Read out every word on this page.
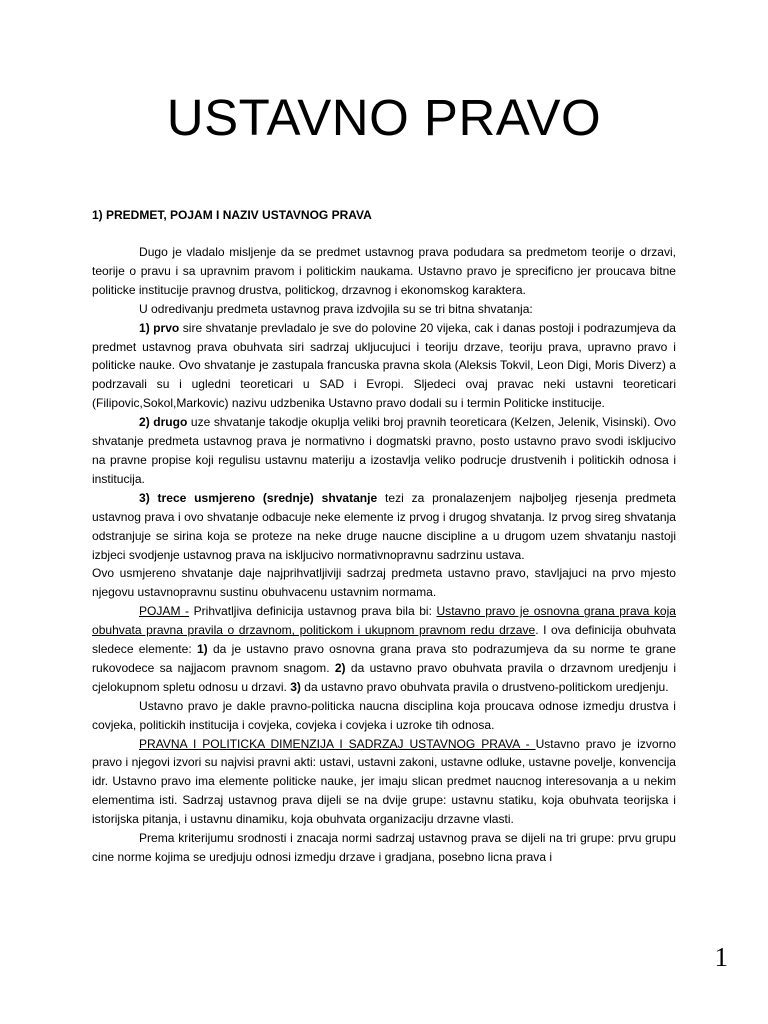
USTAVNO PRAVO
1) PREDMET, POJAM I NAZIV USTAVNOG PRAVA

Dugo je vladalo misljenje da se predmet ustavnog prava podudara sa predmetom teorije o drzavi, teorije o pravu i sa upravnim pravom i politickim naukama. Ustavno pravo je sprecificno jer proucava bitne politicke institucije pravnog drustva, politickog, drzavnog i ekonomskog karaktera.

U odredivanju predmeta ustavnog prava izdvojila su se tri bitna shvatanja:

1) prvo sire shvatanje prevladalo je sve do polovine 20 vijeka, cak i danas postoji i podrazumjeva da predmet ustavnog prava obuhvata siri sadrzaj ukljucujuci i teoriju drzave, teoriju prava, upravno pravo i politicke nauke. Ovo shvatanje je zastupala francuska pravna skola (Aleksis Tokvil, Leon Digi, Moris Diverz) a podrzavali su i ugledni teoreticari u SAD i Evropi. Sljedeci ovaj pravac neki ustavni teoreticari (Filipovic,Sokol,Markovic) nazivu udzbenika Ustavno pravo dodali su i termin Politicke institucije.

2) drugo uze shvatanje takodje okuplja veliki broj pravnih teoreticara (Kelzen, Jelenik, Visinski). Ovo shvatanje predmeta ustavnog prava je normativno i dogmatski pravno, posto ustavno pravo svodi iskljucivo na pravne propise koji regulisu ustavnu materiju a izostavlja veliko podrucje drustvenih i politickih odnosa i institucija.

3) trece usmjereno (srednje) shvatanje tezi za pronalazenjem najboljeg rjesenja predmeta ustavnog prava i ovo shvatanje odbacuje neke elemente iz prvog i drugog shvatanja. Iz prvog sireg shvatanja odstranjuje se sirina koja se proteze na neke druge naucne discipline a u drugom uzem shvatanju nastoji izbjeci svodjenje ustavnog prava na iskljucivo normativnopravnu sadrzinu ustava.

Ovo usmjereno shvatanje daje najprihvatljiviji sadrzaj predmeta ustavno pravo, stavljajuci na prvo mjesto njegovu ustavnopravnu sustinu obuhvacenu ustavnim normama.

POJAM - Prihvatljiva definicija ustavnog prava bila bi: Ustavno pravo je osnovna grana prava koja obuhvata pravna pravila o drzavnom, politickom i ukupnom pravnom redu drzave. I ova definicija obuhvata sledece elemente: 1) da je ustavno pravo osnovna grana prava sto podrazumjeva da su norme te grane rukovodece sa najjacom pravnom snagom. 2) da ustavno pravo obuhvata pravila o drzavnom uredjenju i cjelokupnom spletu odnosu u drzavi. 3) da ustavno pravo obuhvata pravila o drustveno-politickom uredjenju.

Ustavno pravo je dakle pravno-politicka naucna disciplina koja proucava odnose izmedju drustva i covjeka, politickih institucija i covjeka, covjeka i covjeka i uzroke tih odnosa.

PRAVNA I POLITICKA DIMENZIJA I SADRZAJ USTAVNOG PRAVA - Ustavno pravo je izvorno pravo i njegovi izvori su najvisi pravni akti: ustavi, ustavni zakoni, ustavne odluke, ustavne povelje, konvencija idr. Ustavno pravo ima elemente politicke nauke, jer imaju slican predmet naucnog interesovanja a u nekim elementima isti. Sadrzaj ustavnog prava dijeli se na dvije grupe: ustavnu statiku, koja obuhvata teorijska i istorijska pitanja, i ustavnu dinamiku, koja obuhvata organizaciju drzavne vlasti.

Prema kriterijumu srodnosti i znacaja normi sadrzaj ustavnog prava se dijeli na tri grupe: prvu grupu cine norme kojima se uredjuju odnosi izmedju drzave i gradjana, posebno licna prava i

1
